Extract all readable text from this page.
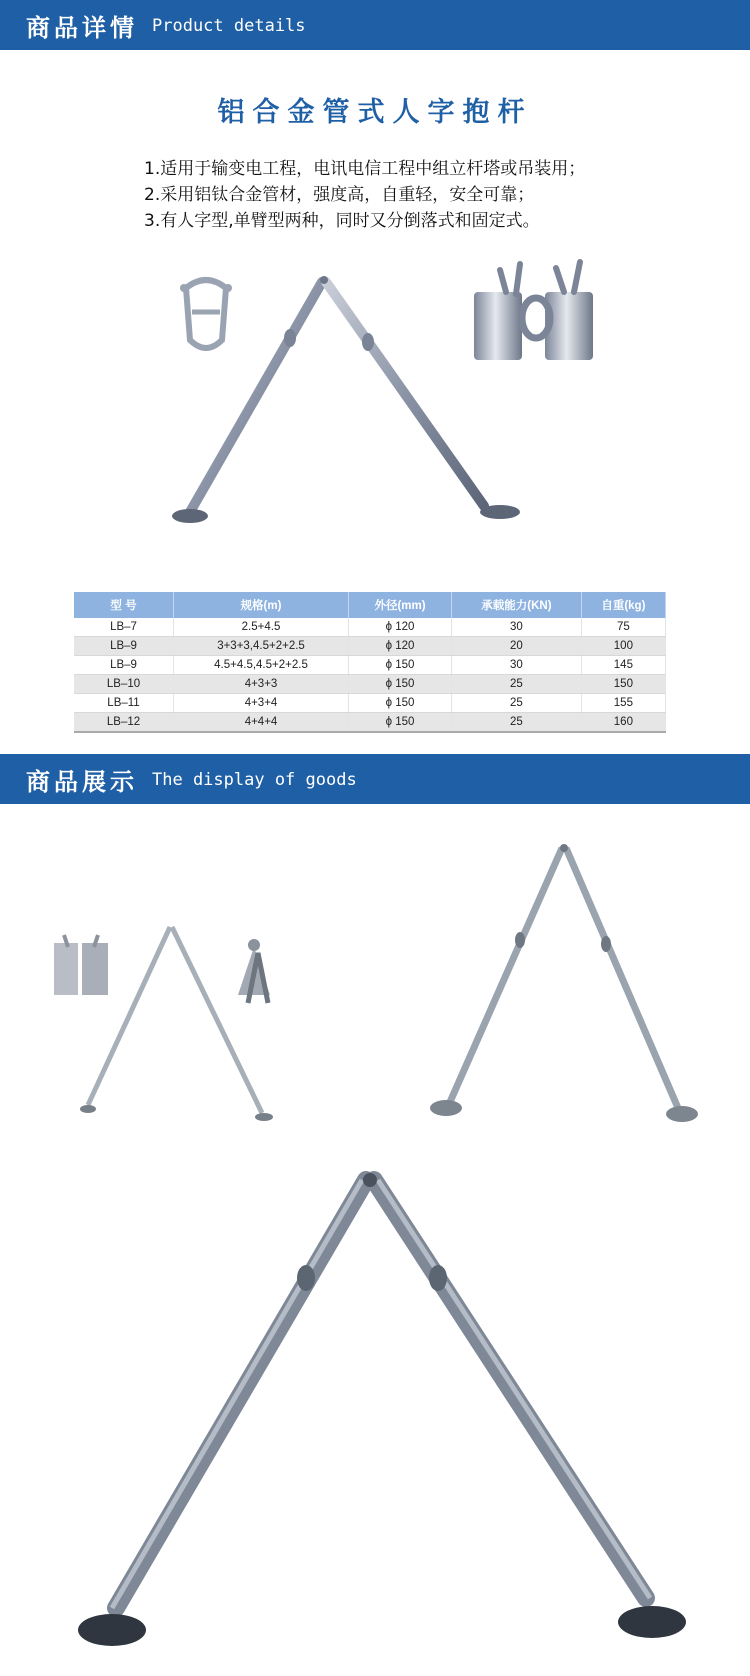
商品详情 Product details
铝合金管式人字抱杆
1.适用于输变电工程，电讯电信工程中组立杆塔或吊装用；
2.采用铝钛合金管材，强度高，自重轻，安全可靠；
3.有人字型,单臂型两种，同时又分倒落式和固定式。
型 号	规格(m)	外径(mm)	承载能力(KN)	自重(kg)
LB–7	2.5+4.5	ϕ 120	30	75
LB–9	3+3+3,4.5+2+2.5	ϕ 120	20	100
LB–9	4.5+4.5,4.5+2+2.5	ϕ 150	30	145
LB–10	4+3+3	ϕ 150	25	150
LB–11	4+3+4	ϕ 150	25	155
LB–12	4+4+4	ϕ 150	25	160
商品展示 The display of goods
